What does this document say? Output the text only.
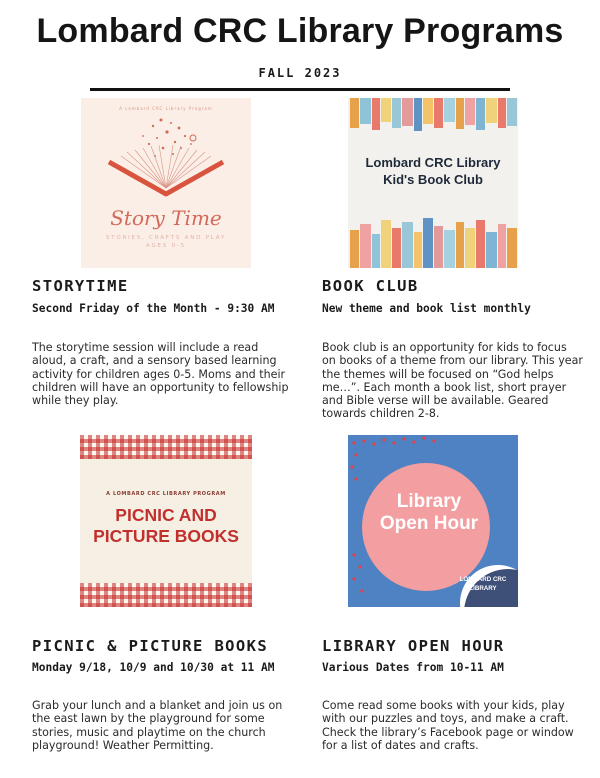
Lombard CRC Library Programs
FALL 2023
A Lombard CRC Library Program
Story Time
STORIES, CRAFTS AND PLAY
AGES 0-5
STORYTIME
Second Friday of the Month - 9:30 AM
The storytime session will include a read aloud, a craft, and a sensory based learning activity for children ages 0-5. Moms and their children will have an opportunity to fellowship while they play.
Lombard CRC Library
Kid's Book Club
BOOK CLUB
New theme and book list monthly
Book club is an opportunity for kids to focus on books of a theme from our library. This year the themes will be focused on “God helps me…”. Each month a book list, short prayer and Bible verse will be available. Geared towards children 2-8.
A LOMBARD CRC LIBRARY PROGRAM
PICNIC AND
PICTURE BOOKS
PICNIC & PICTURE BOOKS
Monday 9/18, 10/9 and 10/30 at 11 AM
Grab your lunch and a blanket and join us on the east lawn by the playground for some stories, music and playtime on the church playground! Weather Permitting.
Library
Open Hour
LOMBARD CRC
LIBRARY
LIBRARY OPEN HOUR
Various Dates from 10-11 AM
Come read some books with your kids, play with our puzzles and toys, and make a craft. Check the library’s Facebook page or window for a list of dates and crafts.
